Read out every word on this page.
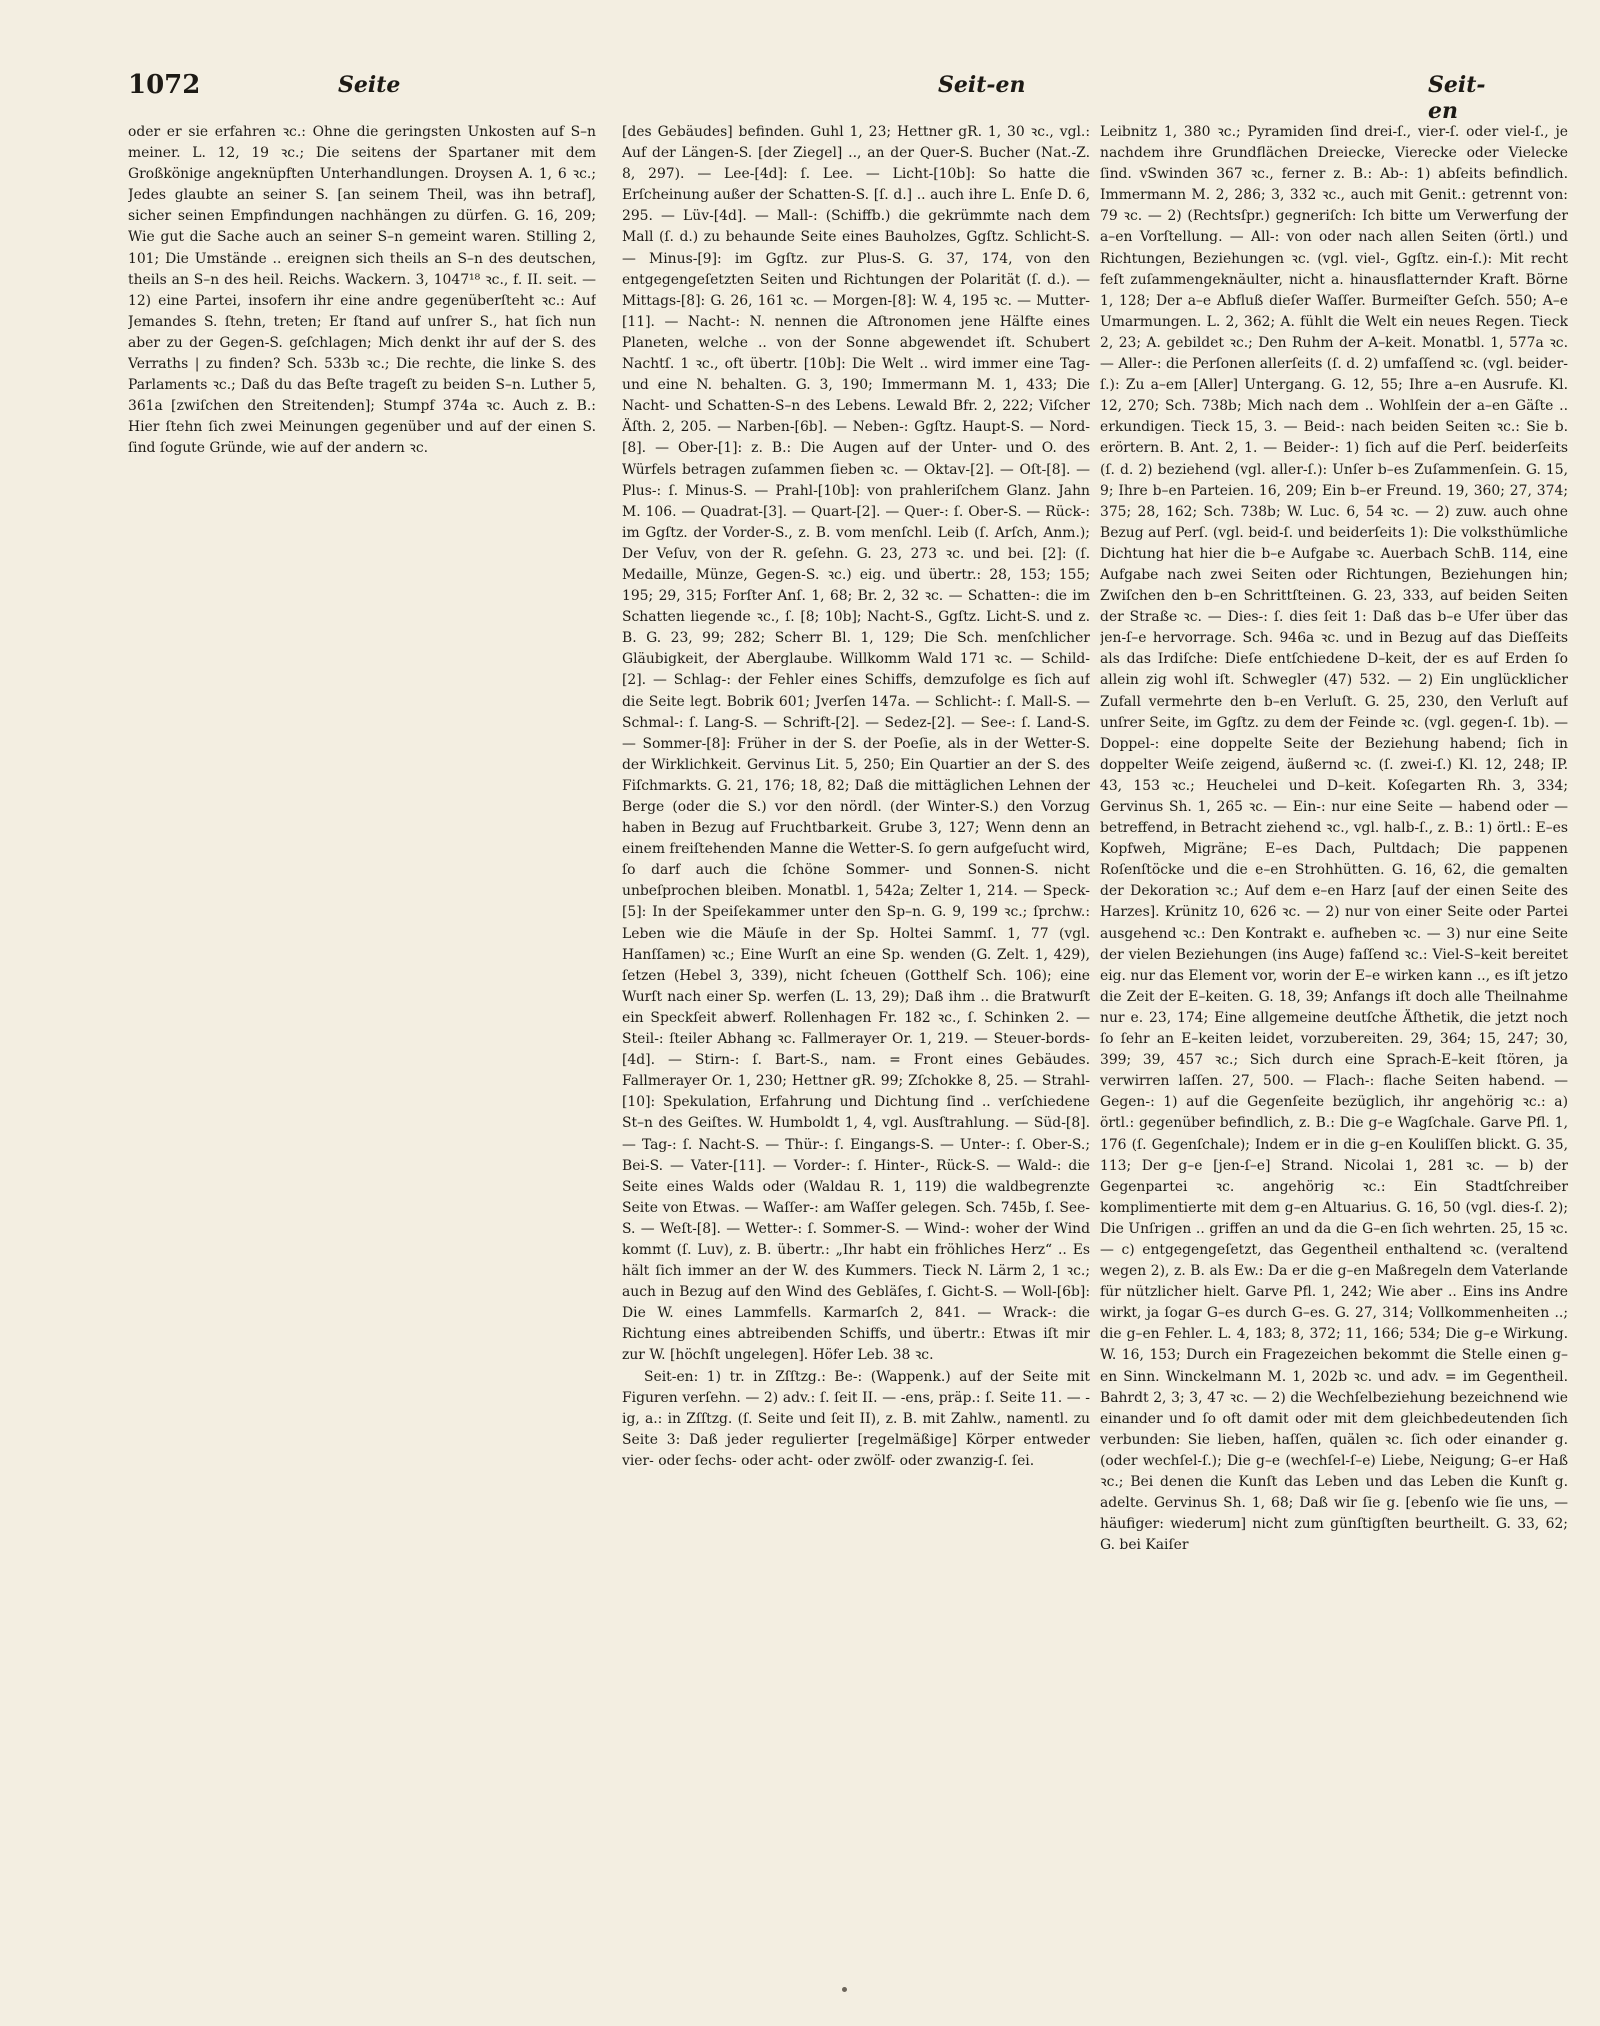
1072	Seite	Seit-en	Seit-en

oder er sie erfahren ꝛc.: Ohne die geringsten Unkosten auf S–n meiner. L. 12, 19 ꝛc.; Die seitens der Spartaner mit dem Großkönige angeknüpften Unterhandlungen. Droysen A. 1, 6 ꝛc.; Jedes glaubte an seiner S. [an seinem Theil, was ihn betraf], sicher seinen Empfindungen nachhängen zu dürfen. G. 16, 209; Wie gut die Sache auch an seiner S–n gemeint waren. Stilling 2, 101; Die Umstände .. ereignen sich theils an S–n des deutschen, theils an S–n des heil. Reichs. Wackern. 3, 1047¹⁸ ꝛc., f. II. seit. — 12) eine Partei, insofern ihr eine andre gegenüberſteht ꝛc.: Auf Jemandes S. ſtehn, treten; Er ſtand auf unſrer S., hat ſich nun aber zu der Gegen-S. geſchlagen; Mich denkt ihr auf der S. des Verraths | zu finden? Sch. 533b ꝛc.; Die rechte, die linke S. des Parlaments ꝛc.; Daß du das Beſte trageſt zu beiden S–n. Luther 5, 361a [zwiſchen den Streitenden]; Stumpf 374a ꝛc. Auch z. B.: Hier ſtehn ſich zwei Meinungen gegenüber und auf der einen S. ſind ſogute Gründe, wie auf der andern ꝛc.

[des Gebäudes] befinden. Guhl 1, 23; Hettner gR. 1, 30 ꝛc., vgl.: Auf der Längen-S. [der Ziegel] .., an der Quer-S. Bucher (Nat.-Z. 8, 297). — Lee-[4d]: ſ. Lee. — Licht-[10b]: So hatte die Erſcheinung außer der Schatten-S. [ſ. d.] .. auch ihre L. Enſe D. 6, 295. — Lüv-[4d]. — Mall-: (Schiffb.) die gekrümmte nach dem Mall (ſ. d.) zu behaunde Seite eines Bauholzes, Ggſtz. Schlicht-S. — Minus-[9]: im Ggſtz. zur Plus-S. G. 37, 174, von den entgegengeſetzten Seiten und Richtungen der Polarität (ſ. d.). — Mittags-[8]: G. 26, 161 ꝛc. — Morgen-[8]: W. 4, 195 ꝛc. — Mutter-[11]. — Nacht-: N. nennen die Aſtronomen jene Hälfte eines Planeten, welche .. von der Sonne abgewendet iſt. Schubert Nachtſ. 1 ꝛc., oft übertr. [10b]: Die Welt .. wird immer eine Tag- und eine N. behalten. G. 3, 190; Immermann M. 1, 433; Die Nacht- und Schatten-S–n des Lebens. Lewald Bfr. 2, 222; Viſcher Äſth. 2, 205. — Narben-[6b]. — Neben-: Ggſtz. Haupt-S. — Nord-[8]. — Ober-[1]: z. B.: Die Augen auf der Unter- und O. des Würfels betragen zuſammen ſieben ꝛc. — Oktav-[2]. — Oſt-[8]. — Plus-: ſ. Minus-S. — Prahl-[10b]: von prahleriſchem Glanz. Jahn M. 106. — Quadrat-[3]. — Quart-[2]. — Quer-: ſ. Ober-S. — Rück-: im Ggſtz. der Vorder-S., z. B. vom menſchl. Leib (ſ. Arſch, Anm.); Der Veſuv, von der R. geſehn. G. 23, 273 ꝛc. und bei. [2]: (ſ. Medaille, Münze, Gegen-S. ꝛc.) eig. und übertr.: 28, 153; 155; 195; 29, 315; Forſter Anſ. 1, 68; Br. 2, 32 ꝛc. — Schatten-: die im Schatten liegende ꝛc., ſ. [8; 10b]; Nacht-S., Ggſtz. Licht-S. und z. B. G. 23, 99; 282; Scherr Bl. 1, 129; Die Sch. menſchlicher Gläubigkeit, der Aberglaube. Willkomm Wald 171 ꝛc. — Schild-[2]. — Schlag-: der Fehler eines Schiffs, demzufolge es ſich auf die Seite legt. Bobrik 601; Jverſen 147a. — Schlicht-: ſ. Mall-S. — Schmal-: ſ. Lang-S. — Schrift-[2]. — Sedez-[2]. — See-: ſ. Land-S. — Sommer-[8]: Früher in der S. der Poeſie, als in der Wetter-S. der Wirklichkeit. Gervinus Lit. 5, 250; Ein Quartier an der S. des Fiſchmarkts. G. 21, 176; 18, 82; Daß die mittäglichen Lehnen der Berge (oder die S.) vor den nördl. (der Winter-S.) den Vorzug haben in Bezug auf Fruchtbarkeit. Grube 3, 127; Wenn denn an einem freiſtehenden Manne die Wetter-S. ſo gern aufgeſucht wird, ſo darf auch die ſchöne Sommer- und Sonnen-S. nicht unbeſprochen bleiben. Monatbl. 1, 542a; Zelter 1, 214. — Speck-[5]: In der Speiſekammer unter den Sp–n. G. 9, 199 ꝛc.; ſprchw.: Leben wie die Mäuſe in der Sp. Holtei Sammſ. 1, 77 (vgl. Hanſſamen) ꝛc.; Eine Wurſt an eine Sp. wenden (G. Zelt. 1, 429), ſetzen (Hebel 3, 339), nicht ſcheuen (Gotthelf Sch. 106); eine Wurſt nach einer Sp. werfen (L. 13, 29); Daß ihm .. die Bratwurſt ein Speckſeit abwerf. Rollenhagen Fr. 182 ꝛc., ſ. Schinken 2. — Steil-: ſteiler Abhang ꝛc. Fallmerayer Or. 1, 219. — Steuer-bords-[4d]. — Stirn-: ſ. Bart-S., nam. = Front eines Gebäudes. Fallmerayer Or. 1, 230; Hettner gR. 99; Zſchokke 8, 25. — Strahl-[10]: Spekulation, Erfahrung und Dichtung ſind .. verſchiedene St–n des Geiſtes. W. Humboldt 1, 4, vgl. Ausſtrahlung. — Süd-[8]. — Tag-: ſ. Nacht-S. — Thür-: ſ. Eingangs-S. — Unter-: ſ. Ober-S.; Bei-S. — Vater-[11]. — Vorder-: ſ. Hinter-, Rück-S. — Wald-: die Seite eines Walds oder (Waldau R. 1, 119) die waldbegrenzte Seite von Etwas. — Waſſer-: am Waſſer gelegen. Sch. 745b, ſ. See-S. — Weſt-[8]. — Wetter-: ſ. Sommer-S. — Wind-: woher der Wind kommt (ſ. Luv), z. B. übertr.: „Ihr habt ein fröhliches Herz“ .. Es hält ſich immer an der W. des Kummers. Tieck N. Lärm 2, 1 ꝛc.; auch in Bezug auf den Wind des Gebläſes, ſ. Gicht-S. — Woll-[6b]: Die W. eines Lammfells. Karmarſch 2, 841. — Wrack-: die Richtung eines abtreibenden Schiffs, und übertr.: Etwas iſt mir zur W. [höchſt ungelegen]. Höfer Leb. 38 ꝛc.

Seit-en: 1) tr. in Zſſtzg.: Be-: (Wappenk.) auf der Seite mit Figuren verſehn. — 2) adv.: ſ. ſeit II. — -ens, präp.: ſ. Seite 11. — -ig, a.: in Zſſtzg. (ſ. Seite und ſeit II), z. B. mit Zahlw., namentl. zu Seite 3: Daß jeder regulierter [regelmäßige] Körper entweder vier- oder ſechs- oder acht- oder zwölf- oder zwanzig-ſ. ſei.

Leibnitz 1, 380 ꝛc.; Pyramiden ſind drei-ſ., vier-ſ. oder viel-ſ., je nachdem ihre Grundflächen Dreiecke, Vierecke oder Vielecke ſind. vSwinden 367 ꝛc., ferner z. B.: Ab-: 1) abſeits befindlich. Immermann M. 2, 286; 3, 332 ꝛc., auch mit Genit.: getrennt von: 79 ꝛc. — 2) (Rechtsſpr.) gegneriſch: Ich bitte um Verwerfung der a–en Vorſtellung. — All-: von oder nach allen Seiten (örtl.) und Richtungen, Beziehungen ꝛc. (vgl. viel-, Ggſtz. ein-ſ.): Mit recht feſt zuſammengeknäulter, nicht a. hinausflatternder Kraft. Börne 1, 128; Der a–e Abfluß dieſer Waſſer. Burmeiſter Geſch. 550; A–e Umarmungen. L. 2, 362; A. fühlt die Welt ein neues Regen. Tieck 2, 23; A. gebildet ꝛc.; Den Ruhm der A–keit. Monatbl. 1, 577a ꝛc. — Aller-: die Perſonen allerſeits (ſ. d. 2) umfaſſend ꝛc. (vgl. beider-ſ.): Zu a–em [Aller] Untergang. G. 12, 55; Ihre a–en Ausrufe. Kl. 12, 270; Sch. 738b; Mich nach dem .. Wohlſein der a–en Gäſte .. erkundigen. Tieck 15, 3. — Beid-: nach beiden Seiten ꝛc.: Sie b. erörtern. B. Ant. 2, 1. — Beider-: 1) ſich auf die Perſ. beiderſeits (ſ. d. 2) beziehend (vgl. aller-ſ.): Unſer b–es Zuſammenſein. G. 15, 9; Ihre b–en Parteien. 16, 209; Ein b–er Freund. 19, 360; 27, 374; 375; 28, 162; Sch. 738b; W. Luc. 6, 54 ꝛc. — 2) zuw. auch ohne Bezug auf Perſ. (vgl. beid-ſ. und beiderſeits 1): Die volksthümliche Dichtung hat hier die b–e Aufgabe ꝛc. Auerbach SchB. 114, eine Aufgabe nach zwei Seiten oder Richtungen, Beziehungen hin; Zwiſchen den b–en Schrittſteinen. G. 23, 333, auf beiden Seiten der Straße ꝛc. — Dies-: ſ. dies ſeit 1: Daß das b–e Ufer über das jen-ſ–e hervorrage. Sch. 946a ꝛc. und in Bezug auf das Dieſſeits als das Irdiſche: Dieſe entſchiedene D–keit, der es auf Erden ſo allein zig wohl iſt. Schwegler (47) 532. — 2) Ein unglücklicher Zufall vermehrte den b–en Verluſt. G. 25, 230, den Verluſt auf unſrer Seite, im Ggſtz. zu dem der Feinde ꝛc. (vgl. gegen-ſ. 1b). — Doppel-: eine doppelte Seite der Beziehung habend; ſich in doppelter Weiſe zeigend, äußernd ꝛc. (ſ. zwei-ſ.) Kl. 12, 248; IP. 43, 153 ꝛc.; Heuchelei und D–keit. Koſegarten Rh. 3, 334; Gervinus Sh. 1, 265 ꝛc. — Ein-: nur eine Seite — habend oder — betreffend, in Betracht ziehend ꝛc., vgl. halb-ſ., z. B.: 1) örtl.: E–es Kopfweh, Migräne; E–es Dach, Pultdach; Die pappenen Roſenſtöcke und die e–en Strohhütten. G. 16, 62, die gemalten der Dekoration ꝛc.; Auf dem e–en Harz [auf der einen Seite des Harzes]. Krünitz 10, 626 ꝛc. — 2) nur von einer Seite oder Partei ausgehend ꝛc.: Den Kontrakt e. aufheben ꝛc. — 3) nur eine Seite der vielen Beziehungen (ins Auge) faſſend ꝛc.: Viel-S–keit bereitet eig. nur das Element vor, worin der E–e wirken kann .., es iſt jetzo die Zeit der E–keiten. G. 18, 39; Anfangs iſt doch alle Theilnahme nur e. 23, 174; Eine allgemeine deutſche Äſthetik, die jetzt noch ſo ſehr an E–keiten leidet, vorzubereiten. 29, 364; 15, 247; 30, 399; 39, 457 ꝛc.; Sich durch eine Sprach-E–keit ſtören, ja verwirren laſſen. 27, 500. — Flach-: flache Seiten habend. — Gegen-: 1) auf die Gegenſeite bezüglich, ihr angehörig ꝛc.: a) örtl.: gegenüber befindlich, z. B.: Die g–e Wagſchale. Garve Pfl. 1, 176 (ſ. Gegenſchale); Indem er in die g–en Kouliſſen blickt. G. 35, 113; Der g–e [jen-ſ–e] Strand. Nicolai 1, 281 ꝛc. — b) der Gegenpartei ꝛc. angehörig ꝛc.: Ein Stadtſchreiber komplimentierte mit dem g–en Altuarius. G. 16, 50 (vgl. dies-ſ. 2); Die Unſrigen .. griffen an und da die G–en ſich wehrten. 25, 15 ꝛc. — c) entgegengeſetzt, das Gegentheil enthaltend ꝛc. (veraltend wegen 2), z. B. als Ew.: Da er die g–en Maßregeln dem Vaterlande für nützlicher hielt. Garve Pfl. 1, 242; Wie aber .. Eins ins Andre wirkt, ja ſogar G–es durch G–es. G. 27, 314; Vollkommenheiten ..; die g–en Fehler. L. 4, 183; 8, 372; 11, 166; 534; Die g–e Wirkung. W. 16, 153; Durch ein Fragezeichen bekommt die Stelle einen g–en Sinn. Winckelmann M. 1, 202b ꝛc. und adv. = im Gegentheil. Bahrdt 2, 3; 3, 47 ꝛc. — 2) die Wechſelbeziehung bezeichnend wie einander und ſo oft damit oder mit dem gleichbedeutenden ſich verbunden: Sie lieben, haſſen, quälen ꝛc. ſich oder einander g. (oder wechſel-ſ.); Die g–e (wechſel-ſ–e) Liebe, Neigung; G–er Haß ꝛc.; Bei denen die Kunſt das Leben und das Leben die Kunſt g. adelte. Gervinus Sh. 1, 68; Daß wir ſie g. [ebenſo wie ſie uns, — häufiger: wiederum] nicht zum günſtigſten beurtheilt. G. 33, 62; G. bei Kaiſer
